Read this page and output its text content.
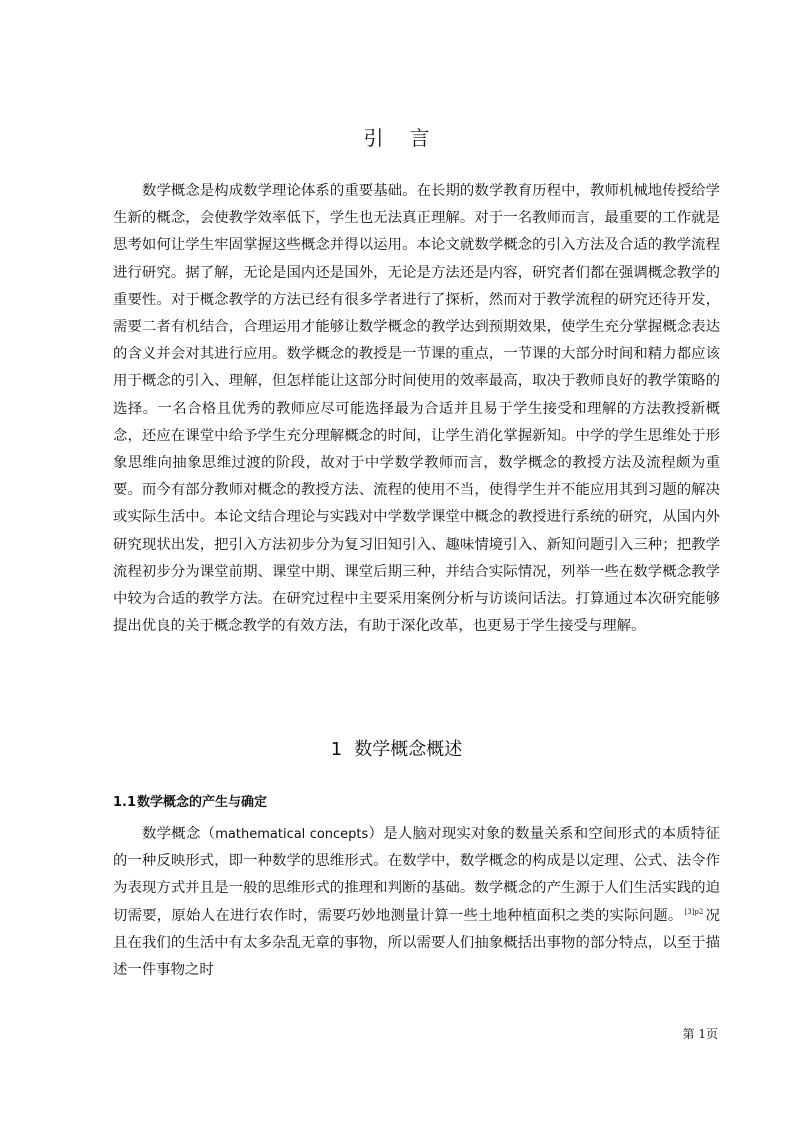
引言

数学概念是构成数学理论体系的重要基础。在长期的数学教育历程中，教师机械地传授给学生新的概念，会使教学效率低下，学生也无法真正理解。对于一名教师而言，最重要的工作就是思考如何让学生牢固掌握这些概念并得以运用。本论文就数学概念的引入方法及合适的教学流程进行研究。据了解，无论是国内还是国外，无论是方法还是内容，研究者们都在强调概念教学的重要性。对于概念教学的方法已经有很多学者进行了探析，然而对于教学流程的研究还待开发，需要二者有机结合，合理运用才能够让数学概念的教学达到预期效果，使学生充分掌握概念表达的含义并会对其进行应用。数学概念的教授是一节课的重点，一节课的大部分时间和精力都应该用于概念的引入、理解，但怎样能让这部分时间使用的效率最高，取决于教师良好的教学策略的选择。一名合格且优秀的教师应尽可能选择最为合适并且易于学生接受和理解的方法教授新概念，还应在课堂中给予学生充分理解概念的时间，让学生消化掌握新知。中学的学生思维处于形象思维向抽象思维过渡的阶段，故对于中学数学教师而言，数学概念的教授方法及流程颇为重要。而今有部分教师对概念的教授方法、流程的使用不当，使得学生并不能应用其到习题的解决或实际生活中。本论文结合理论与实践对中学数学课堂中概念的教授进行系统的研究，从国内外研究现状出发，把引入方法初步分为复习旧知引入、趣味情境引入、新知问题引入三种；把教学流程初步分为课堂前期、课堂中期、课堂后期三种，并结合实际情况，列举一些在数学概念教学中较为合适的教学方法。在研究过程中主要采用案例分析与访谈问话法。打算通过本次研究能够提出优良的关于概念教学的有效方法，有助于深化改革，也更易于学生接受与理解。

1 数学概念概述
1.1数学概念的产生与确定

数学概念（mathematical concepts）是人脑对现实对象的数量关系和空间形式的本质特征的一种反映形式，即一种数学的思维形式。在数学中，数学概念的构成是以定理、公式、法令作为表现方式并且是一般的思维形式的推理和判断的基础。数学概念的产生源于人们生活实践的迫切需要，原始人在进行农作时，需要巧妙地测量计算一些土地种植面积之类的实际问题。 $^{[3]p2}$ 况且在我们的生活中有太多杂乱无章的事物，所以需要人们抽象概括出事物的部分特点，以至于描述一件事物之时

第 1页
